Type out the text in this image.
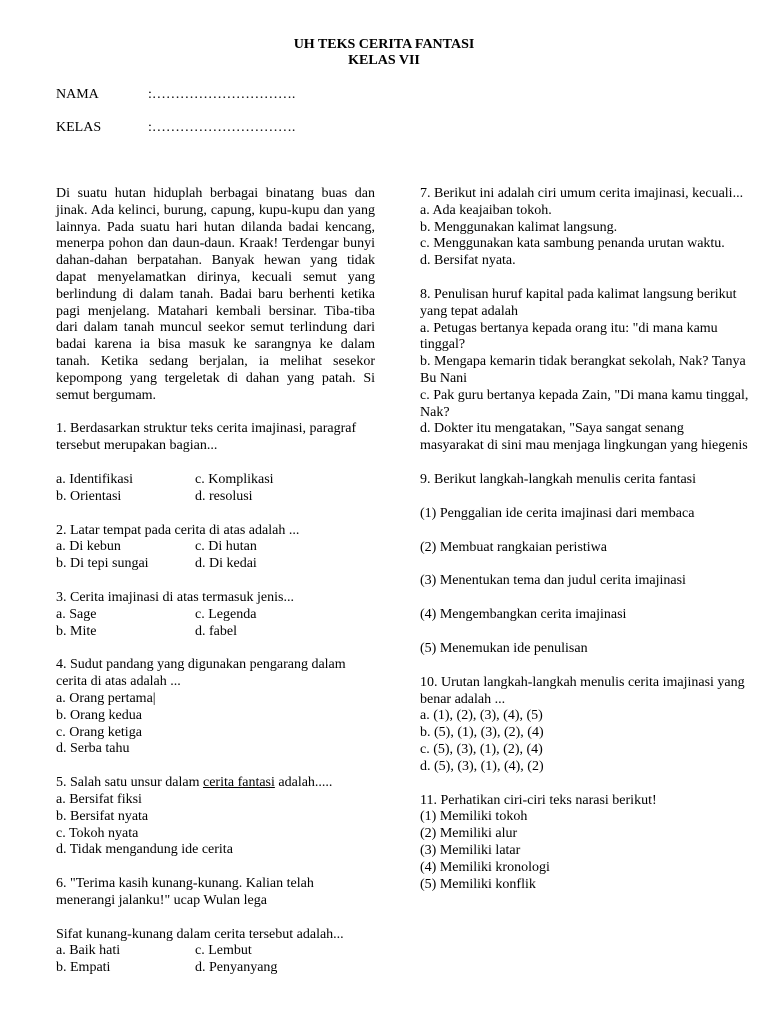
UH TEKS CERITA FANTASI
KELAS VII
NAMA	:………………………….
KELAS	:………………………….

Di suatu hutan hiduplah berbagai binatang buas dan jinak. Ada kelinci, burung, capung, kupu-kupu dan yang lainnya. Pada suatu hari hutan dilanda badai kencang, menerpa pohon dan daun-daun. Kraak! Terdengar bunyi dahan-dahan berpatahan. Banyak hewan yang tidak dapat menyelamatkan dirinya, kecuali semut yang berlindung di dalam tanah. Badai baru berhenti ketika pagi menjelang. Matahari kembali bersinar. Tiba-tiba dari dalam tanah muncul seekor semut terlindung dari badai karena ia bisa masuk ke sarangnya ke dalam tanah. Ketika sedang berjalan, ia melihat sesekor kepompong yang tergeletak di dahan yang patah. Si semut bergumam.

1. Berdasarkan struktur teks cerita imajinasi, paragraf tersebut merupakan bagian...

a. Identifikasi	c. Komplikasi
b. Orientasi	d. resolusi

2. Latar tempat pada cerita di atas adalah ...

a. Di kebun	c. Di hutan
b. Di tepi sungai	d. Di kedai

3. Cerita imajinasi di atas termasuk jenis...

a. Sage	c. Legenda
b. Mite	d. fabel

4. Sudut pandang yang digunakan pengarang dalam cerita di atas adalah ...

a. Orang pertama|
b. Orang kedua
c. Orang ketiga
d. Serba tahu

5. Salah satu unsur dalam cerita fantasi adalah.....

a. Bersifat fiksi
b. Bersifat nyata
c. Tokoh nyata
d. Tidak mengandung ide cerita

6. "Terima kasih kunang-kunang. Kalian telah menerangi jalanku!" ucap Wulan lega

Sifat kunang-kunang dalam cerita tersebut adalah...

a. Baik hati	c. Lembut
b. Empati	d. Penyanyang

7. Berikut ini adalah ciri umum cerita imajinasi, kecuali...

a. Ada keajaiban tokoh.
b. Menggunakan kalimat langsung.
c. Menggunakan kata sambung penanda urutan waktu.
d. Bersifat nyata.

8. Penulisan huruf kapital pada kalimat langsung berikut yang tepat adalah

a. Petugas bertanya kepada orang itu: "di mana kamu tinggal?
b. Mengapa kemarin tidak berangkat sekolah, Nak? Tanya Bu Nani
c. Pak guru bertanya kepada Zain, "Di mana kamu tinggal, Nak?
d. Dokter itu mengatakan, "Saya sangat senang masyarakat di sini mau menjaga lingkungan yang hiegenis

9. Berikut langkah-langkah menulis cerita fantasi

(1) Penggalian ide cerita imajinasi dari membaca
(2) Membuat rangkaian peristiwa
(3) Menentukan tema dan judul cerita imajinasi
(4) Mengembangkan cerita imajinasi
(5) Menemukan ide penulisan

10. Urutan langkah-langkah menulis cerita imajinasi yang benar adalah ...

a. (1), (2), (3), (4), (5)
b. (5), (1), (3), (2), (4)
c. (5), (3), (1), (2), (4)
d. (5), (3), (1), (4), (2)

11. Perhatikan ciri-ciri teks narasi berikut!

(1) Memiliki tokoh
(2) Memiliki alur
(3) Memiliki latar
(4) Memiliki kronologi
(5) Memiliki konflik
